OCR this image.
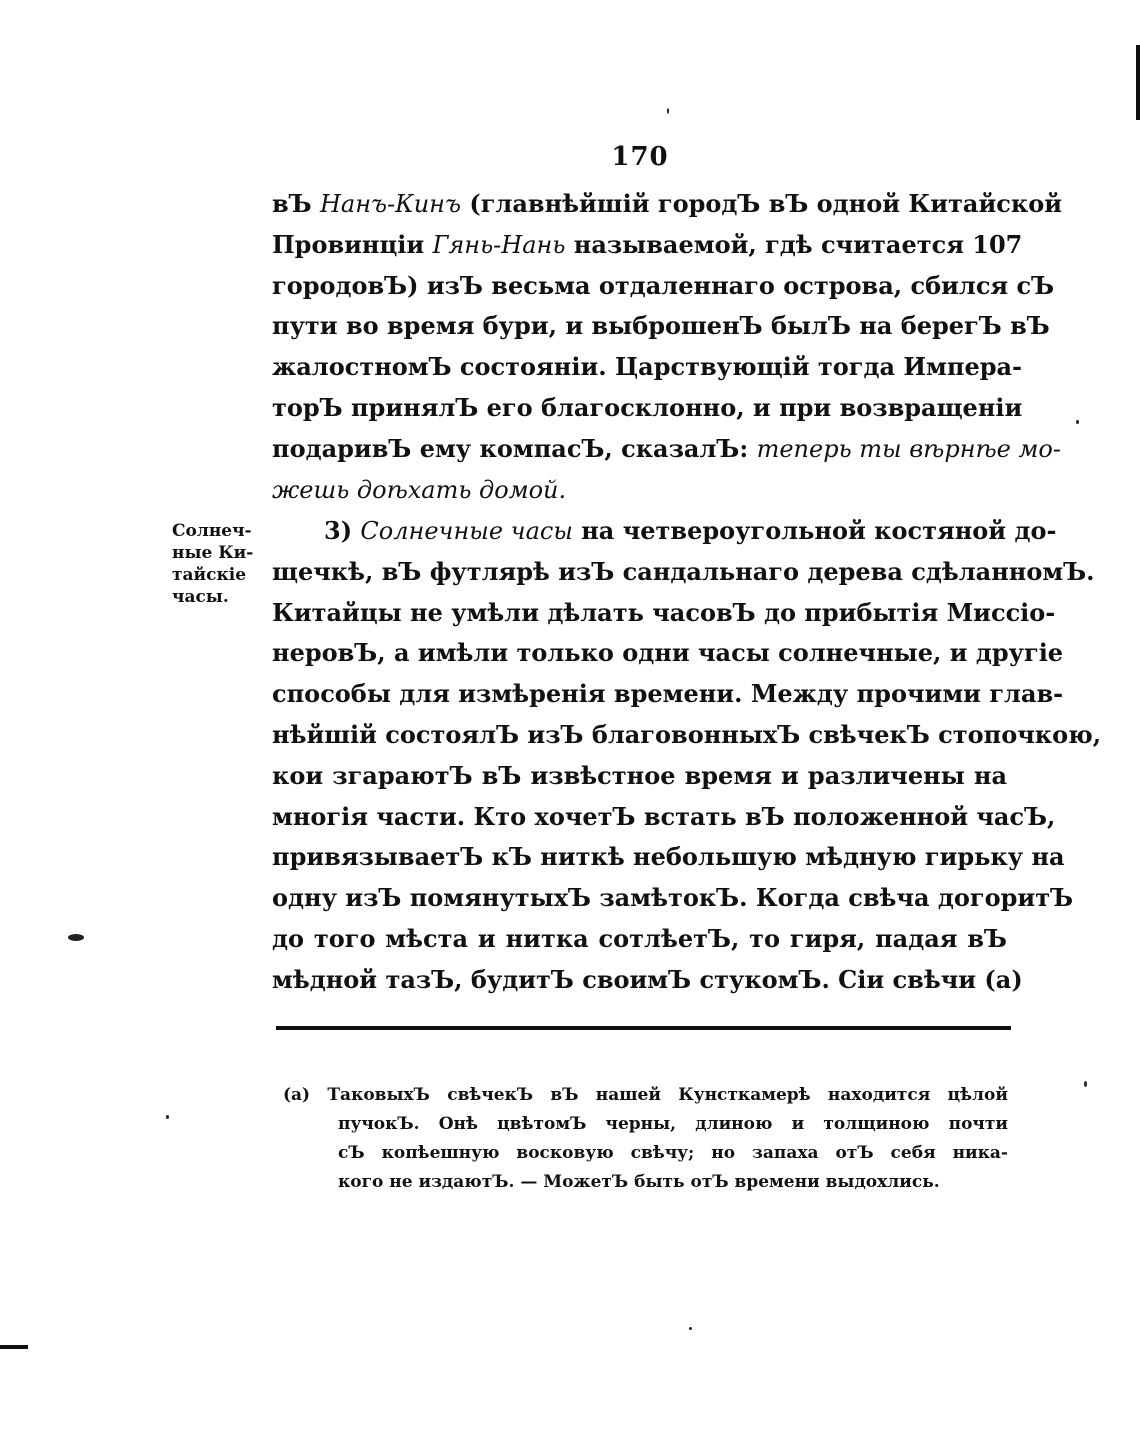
170
вЪ Нанъ-Кинъ (главнѣйшiй городЪ вЪ одной Китайской
Провинцiи Гянь-Нань называемой, гдѣ считается 107
городовЪ) изЪ весьма отдаленнаго острова, сбился сЪ
пути во время бури, и выброшенЪ былЪ на берегЪ вЪ
жалостномЪ состоянiи. Царствующiй тогда Импера-
торЪ принялЪ его благосклонно, и при возвращенiи
подаривЪ ему компасЪ, сказалЪ: теперь ты вѣрнѣе мо-
жешь доѣхать домой.
Солнеч-
ные Ки-
тайскiе
часы.
3) Солнечные часы на четвероугольной костяной до-
щечкѣ, вЪ футлярѣ изЪ сандальнаго дерева сдѣланномЪ.
Китайцы не умѣли дѣлать часовЪ до прибытiя Миссiо-
неровЪ, а имѣли только одни часы солнечные, и другiе
способы для измѣренiя времени. Между прочими глав-
нѣйшiй состоялЪ изЪ благовонныхЪ свѣчекЪ стопочкою,
кои згараютЪ вЪ извѣстное время и различены на
многiя части. Кто хочетЪ встать вЪ положенной часЪ,
привязываетЪ кЪ ниткѣ небольшую мѣдную гирьку на
одну изЪ помянутыхЪ замѣтокЪ. Когда свѣча догоритЪ
до того мѣста и нитка сотлѣетЪ, то гиря, падая вЪ
мѣдной тазЪ, будитЪ своимЪ стукомЪ. Сiи свѣчи (а)
(а) ТаковыхЪ свѣчекЪ вЪ нашей Кунсткамерѣ находится цѣлой
пучокЪ. Онѣ цвѣтомЪ черны, длиною и толщиною почти
сЪ копѣешную восковую свѣчу; но запаха отЪ себя никa-
кого не издаютЪ. — МожетЪ быть отЪ времени выдохлись.
